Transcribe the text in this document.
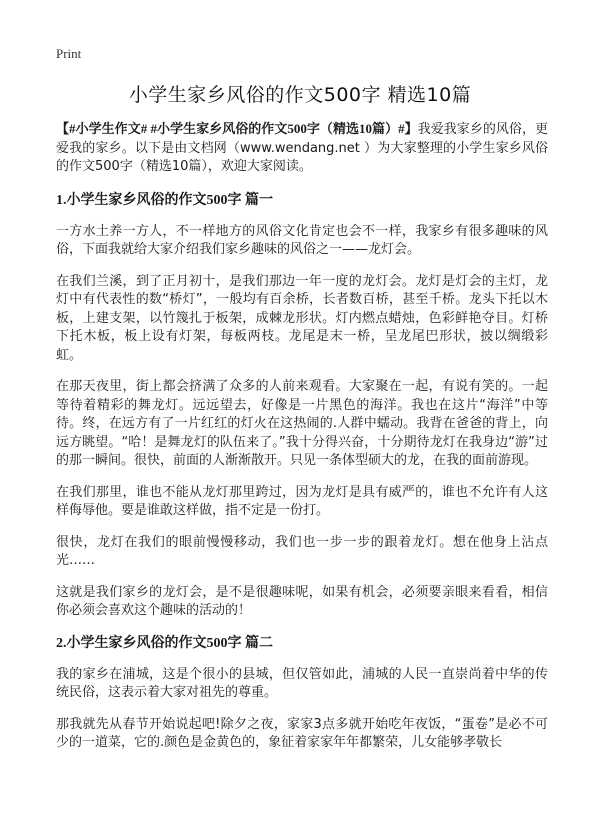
Print
小学生家乡风俗的作文500字 精选10篇

【#小学生作文# #小学生家乡风俗的作文500字（精选10篇）#】我爱我家乡的风俗，更爱我的家乡。以下是由文档网（www.wendang.net ）为大家整理的小学生家乡风俗的作文500字（精选10篇），欢迎大家阅读。

1.小学生家乡风俗的作文500字 篇一

一方水土养一方人，不一样地方的风俗文化肯定也会不一样，我家乡有很多趣味的风俗，下面我就给大家介绍我们家乡趣味的风俗之一——龙灯会。

在我们兰溪，到了正月初十，是我们那边一年一度的龙灯会。龙灯是灯会的主灯，龙灯中有代表性的数“桥灯”，一般均有百余桥，长者数百桥，甚至千桥。龙头下托以木板，上建支架，以竹篾扎于板架，成棘龙形状。灯内燃点蜡烛，色彩鲜艳夺目。灯桥下托木板，板上设有灯架，每板两枝。龙尾是末一桥，呈龙尾巴形状，披以绸缎彩虹。

在那天夜里，街上都会挤满了众多的人前来观看。大家聚在一起，有说有笑的。一起等待着精彩的舞龙灯。远远望去，好像是一片黑色的海洋。我也在这片“海洋”中等待。终，在远方有了一片红红的灯火在这热闹的.人群中蠕动。我背在爸爸的背上，向远方眺望。“哈！是舞龙灯的队伍来了。”我十分得兴奋，十分期待龙灯在我身边“游”过的那一瞬间。很快，前面的人渐渐散开。只见一条体型硕大的龙，在我的面前游现。

在我们那里，谁也不能从龙灯那里跨过，因为龙灯是具有威严的，谁也不允许有人这样侮辱他。要是谁敢这样做，指不定是一份打。

很快，龙灯在我们的眼前慢慢移动，我们也一步一步的跟着龙灯。想在他身上沾点光……

这就是我们家乡的龙灯会，是不是很趣味呢，如果有机会，必须要亲眼来看看，相信你必须会喜欢这个趣味的活动的！

2.小学生家乡风俗的作文500字 篇二

我的家乡在浦城，这是个很小的县城，但仅管如此，浦城的人民一直崇尚着中华的传统民俗，这表示着大家对祖先的尊重。

那我就先从春节开始说起吧!除夕之夜，家家3点多就开始吃年夜饭，“蛋卷”是必不可少的一道菜，它的.颜色是金黄色的，象征着家家年年都繁荣，儿女能够孝敬长
